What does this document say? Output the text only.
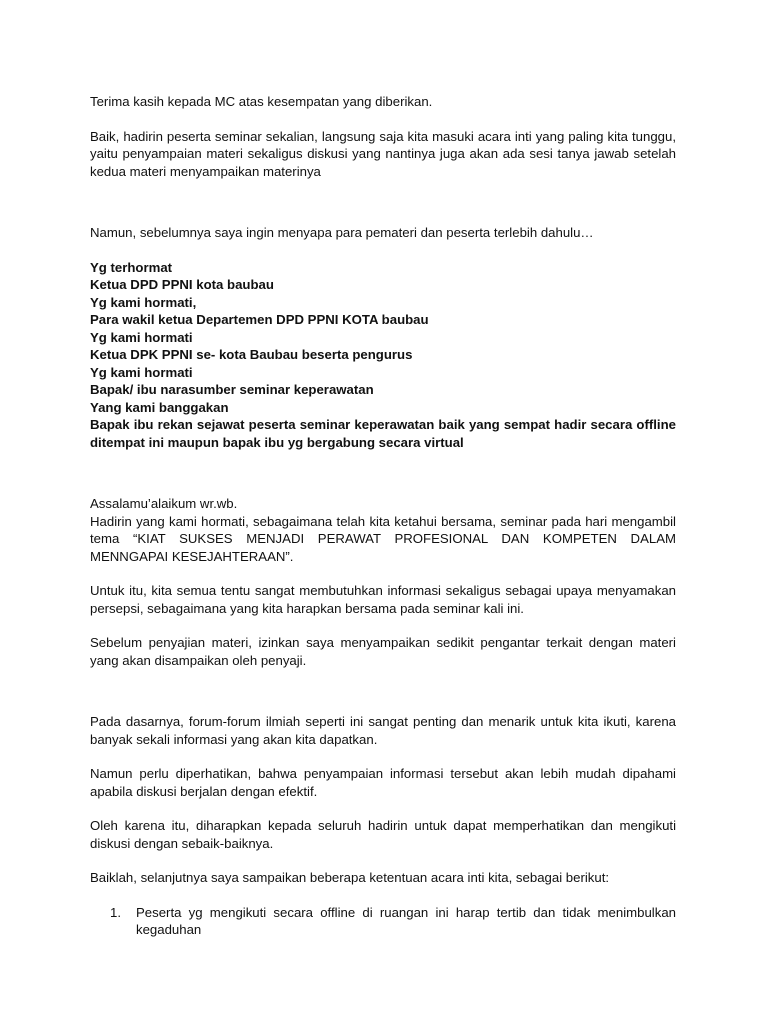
Terima kasih kepada MC atas kesempatan yang diberikan.

Baik, hadirin peserta seminar sekalian, langsung saja kita masuki acara inti yang paling kita tunggu, yaitu penyampaian materi sekaligus diskusi yang nantinya juga akan ada sesi tanya jawab setelah kedua materi menyampaikan materinya

Namun, sebelumnya saya ingin menyapa para pemateri dan peserta terlebih dahulu…

Yg terhormat

Ketua DPD PPNI kota baubau

Yg kami hormati,

Para wakil ketua Departemen DPD PPNI KOTA baubau

Yg kami hormati

Ketua DPK PPNI se- kota Baubau beserta pengurus

Yg kami hormati

Bapak/ ibu narasumber seminar keperawatan

Yang kami banggakan

Bapak ibu rekan sejawat peserta seminar keperawatan baik yang sempat hadir secara offline ditempat ini maupun bapak ibu yg bergabung secara virtual

Assalamu’alaikum wr.wb.

Hadirin yang kami hormati, sebagaimana telah kita ketahui bersama, seminar pada hari mengambil tema “KIAT SUKSES MENJADI PERAWAT PROFESIONAL DAN KOMPETEN DALAM MENNGAPAI KESEJAHTERAAN”.

Untuk itu, kita semua tentu sangat membutuhkan informasi sekaligus sebagai upaya menyamakan persepsi, sebagaimana yang kita harapkan bersama pada seminar kali ini.

Sebelum penyajian materi, izinkan saya menyampaikan sedikit pengantar terkait dengan materi yang akan disampaikan oleh penyaji.

Pada dasarnya, forum-forum ilmiah seperti ini sangat penting dan menarik untuk kita ikuti, karena banyak sekali informasi yang akan kita dapatkan.

Namun perlu diperhatikan, bahwa penyampaian informasi tersebut akan lebih mudah dipahami apabila diskusi berjalan dengan efektif.

Oleh karena itu, diharapkan kepada seluruh hadirin untuk dapat memperhatikan dan mengikuti diskusi dengan sebaik-baiknya.

Baiklah, selanjutnya saya sampaikan beberapa ketentuan acara inti kita, sebagai berikut:

1.	Peserta yg mengikuti secara offline di ruangan ini harap tertib dan tidak menimbulkan kegaduhan
